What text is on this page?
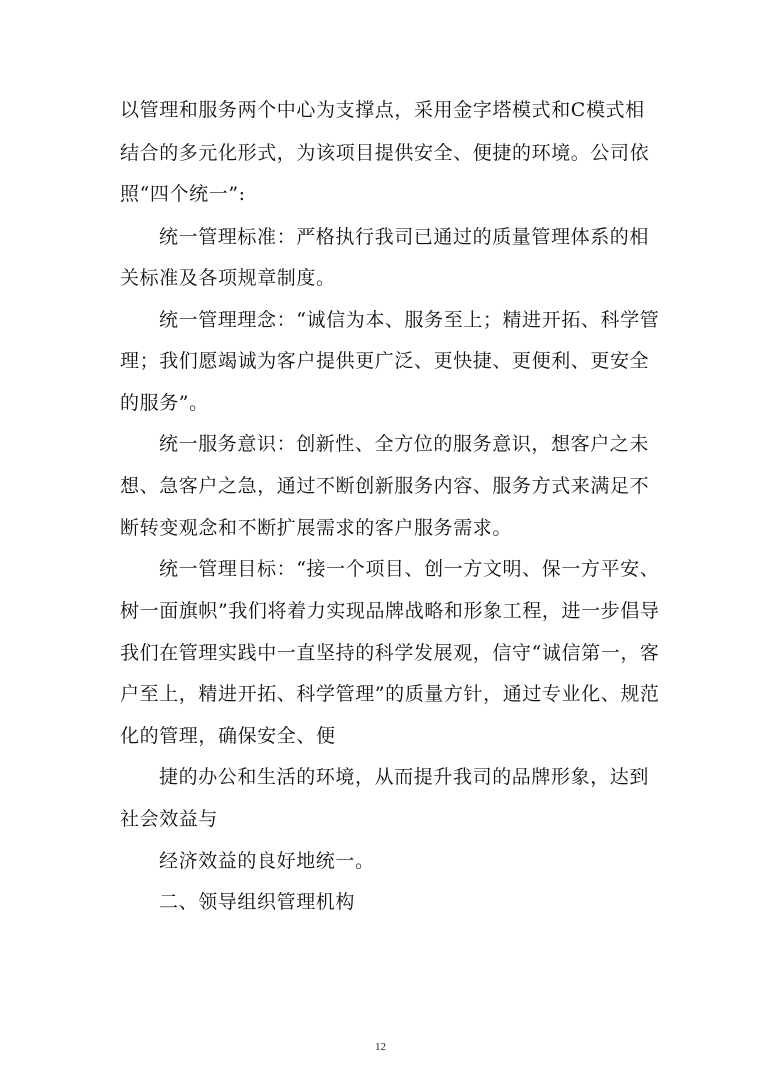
以管理和服务两个中心为支撑点，采用金字塔模式和C模式相
结合的多元化形式，为该项目提供安全、便捷的环境。公司依
照“四个统一”:
统一管理标准：严格执行我司已通过的质量管理体系的相
关标准及各项规章制度。
统一管理理念：“诚信为本、服务至上；精进开拓、科学管
理；我们愿竭诚为客户提供更广泛、更快捷、更便利、更安全
的服务”。
统一服务意识：创新性、全方位的服务意识，想客户之未
想、急客户之急，通过不断创新服务内容、服务方式来满足不
断转变观念和不断扩展需求的客户服务需求。
统一管理目标：“接一个项目、创一方文明、保一方平安、
树一面旗帜”我们将着力实现品牌战略和形象工程，进一步倡导
我们在管理实践中一直坚持的科学发展观，信守“诚信第一，客
户至上，精进开拓、科学管理”的质量方针，通过专业化、规范
化的管理，确保安全、便
捷的办公和生活的环境，从而提升我司的品牌形象，达到
社会效益与
经济效益的良好地统一。
二、领导组织管理机构
12
